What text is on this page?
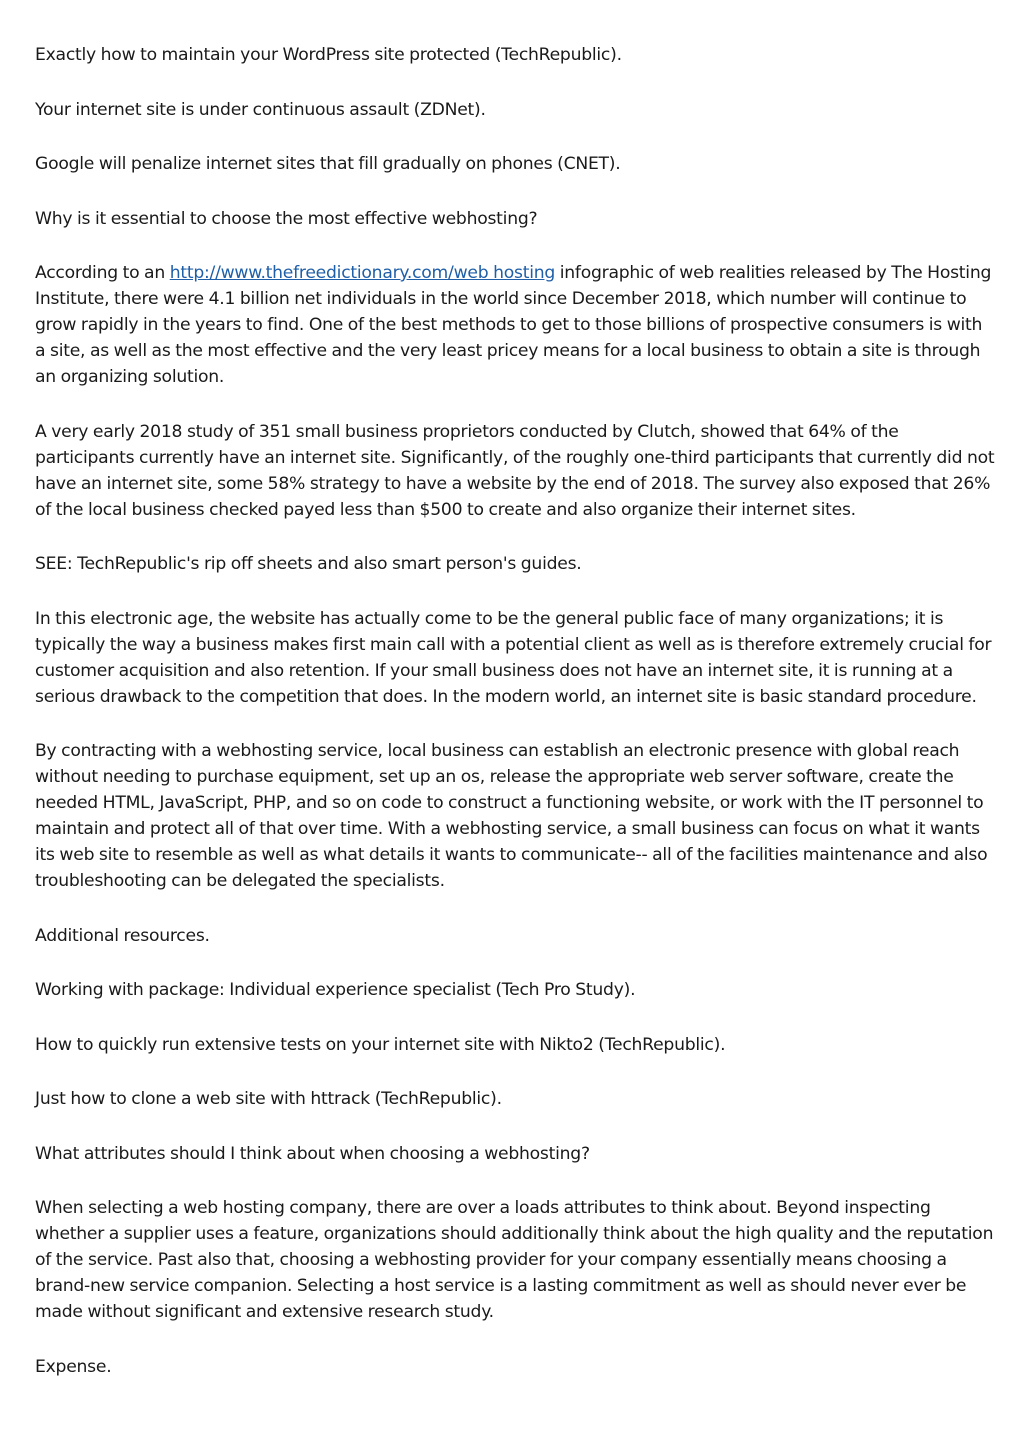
Exactly how to maintain your WordPress site protected (TechRepublic).

Your internet site is under continuous assault (ZDNet).

Google will penalize internet sites that fill gradually on phones (CNET).

Why is it essential to choose the most effective webhosting?

According to an http://www.thefreedictionary.com/web hosting infographic of web realities released by The Hosting Institute, there were 4.1 billion net individuals in the world since December 2018, which number will continue to grow rapidly in the years to find. One of the best methods to get to those billions of prospective consumers is with a site, as well as the most effective and the very least pricey means for a local business to obtain a site is through an organizing solution.

A very early 2018 study of 351 small business proprietors conducted by Clutch, showed that 64% of the participants currently have an internet site. Significantly, of the roughly one-third participants that currently did not have an internet site, some 58% strategy to have a website by the end of 2018. The survey also exposed that 26% of the local business checked payed less than $500 to create and also organize their internet sites.

SEE: TechRepublic's rip off sheets and also smart person's guides.

In this electronic age, the website has actually come to be the general public face of many organizations; it is typically the way a business makes first main call with a potential client as well as is therefore extremely crucial for customer acquisition and also retention. If your small business does not have an internet site, it is running at a serious drawback to the competition that does. In the modern world, an internet site is basic standard procedure.

By contracting with a webhosting service, local business can establish an electronic presence with global reach without needing to purchase equipment, set up an os, release the appropriate web server software, create the needed HTML, JavaScript, PHP, and so on code to construct a functioning website, or work with the IT personnel to maintain and protect all of that over time. With a webhosting service, a small business can focus on what it wants its web site to resemble as well as what details it wants to communicate-- all of the facilities maintenance and also troubleshooting can be delegated the specialists.

Additional resources.

Working with package: Individual experience specialist (Tech Pro Study).

How to quickly run extensive tests on your internet site with Nikto2 (TechRepublic).

Just how to clone a web site with httrack (TechRepublic).

What attributes should I think about when choosing a webhosting?

When selecting a web hosting company, there are over a loads attributes to think about. Beyond inspecting whether a supplier uses a feature, organizations should additionally think about the high quality and the reputation of the service. Past also that, choosing a webhosting provider for your company essentially means choosing a brand-new service companion. Selecting a host service is a lasting commitment as well as should never ever be made without significant and extensive research study.

Expense.
